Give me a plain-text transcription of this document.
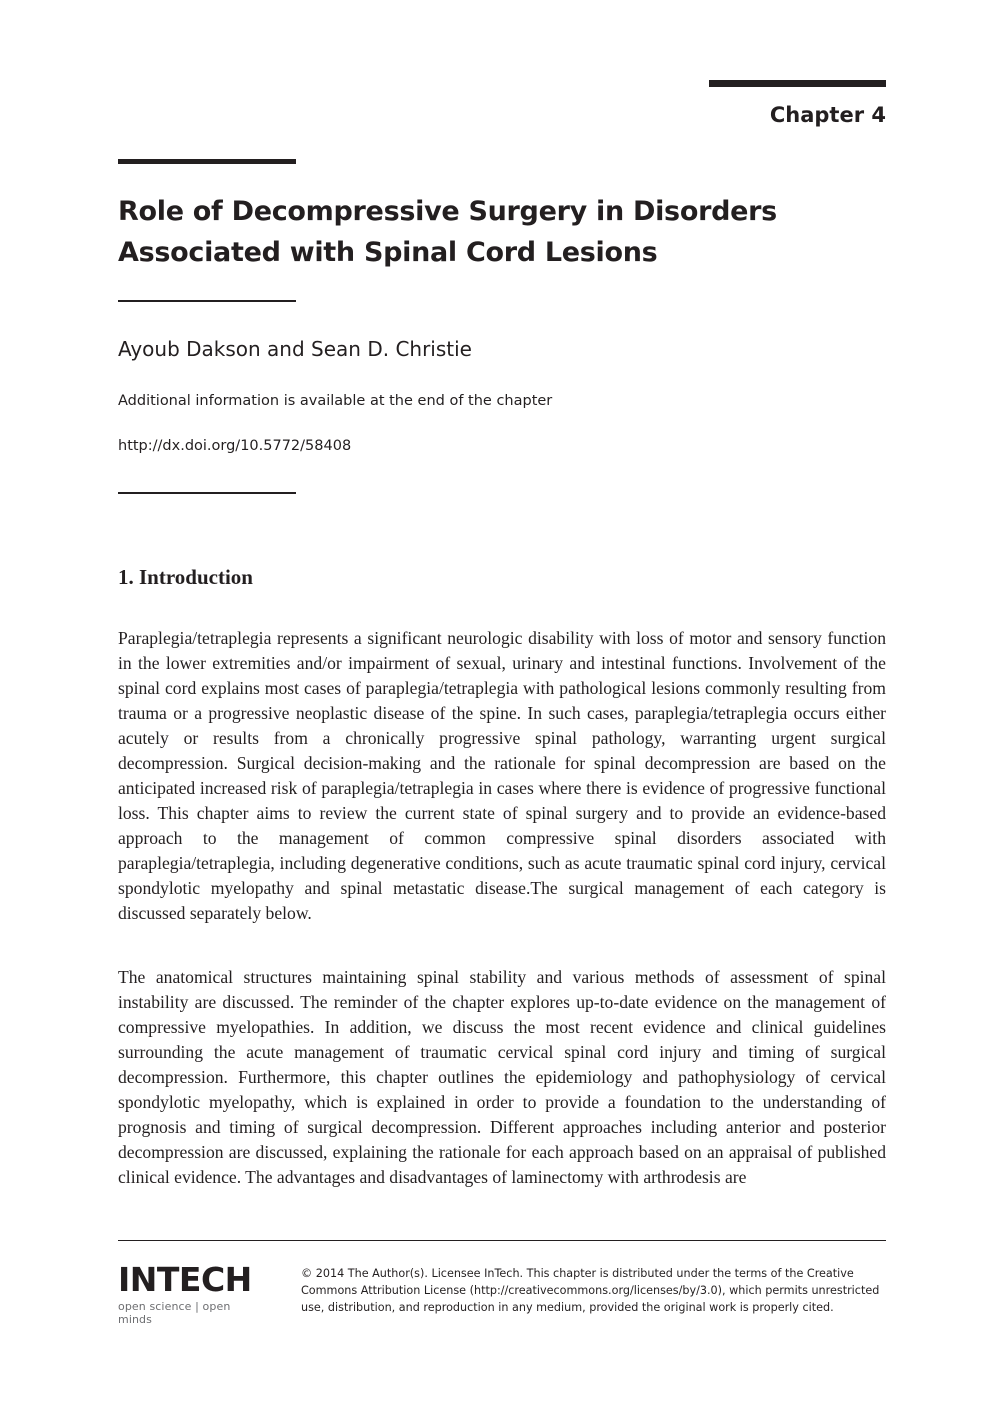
Chapter 4
Role of Decompressive Surgery in Disorders Associated with Spinal Cord Lesions
Ayoub Dakson and Sean D. Christie
Additional information is available at the end of the chapter
http://dx.doi.org/10.5772/58408
1. Introduction

Paraplegia/tetraplegia represents a significant neurologic disability with loss of motor and sensory function in the lower extremities and/or impairment of sexual, urinary and intestinal functions. Involvement of the spinal cord explains most cases of paraplegia/tetraplegia with pathological lesions commonly resulting from trauma or a progressive neoplastic disease of the spine. In such cases, paraplegia/tetraplegia occurs either acutely or results from a chronically progressive spinal pathology, warranting urgent surgical decompression. Surgical decision-making and the rationale for spinal decompression are based on the anticipated increased risk of paraplegia/tetraplegia in cases where there is evidence of progressive functional loss. This chapter aims to review the current state of spinal surgery and to provide an evidence-based approach to the management of common compressive spinal disorders associated with paraplegia/tetraplegia, including degenerative conditions, such as acute traumatic spinal cord injury, cervical spondylotic myelopathy and spinal metastatic disease.The surgical management of each category is discussed separately below.

The anatomical structures maintaining spinal stability and various methods of assessment of spinal instability are discussed. The reminder of the chapter explores up-to-date evidence on the management of compressive myelopathies. In addition, we discuss the most recent evidence and clinical guidelines surrounding the acute management of traumatic cervical spinal cord injury and timing of surgical decompression. Furthermore, this chapter outlines the epidemiology and pathophysiology of cervical spondylotic myelopathy, which is explained in order to provide a foundation to the understanding of prognosis and timing of surgical decompression. Different approaches including anterior and posterior decompression are discussed, explaining the rationale for each approach based on an appraisal of published clinical evidence. The advantages and disadvantages of laminectomy with arthrodesis are

INTECH
open science | open minds
© 2014 The Author(s). Licensee InTech. This chapter is distributed under the terms of the Creative Commons Attribution License (http://creativecommons.org/licenses/by/3.0), which permits unrestricted use, distribution, and reproduction in any medium, provided the original work is properly cited.
